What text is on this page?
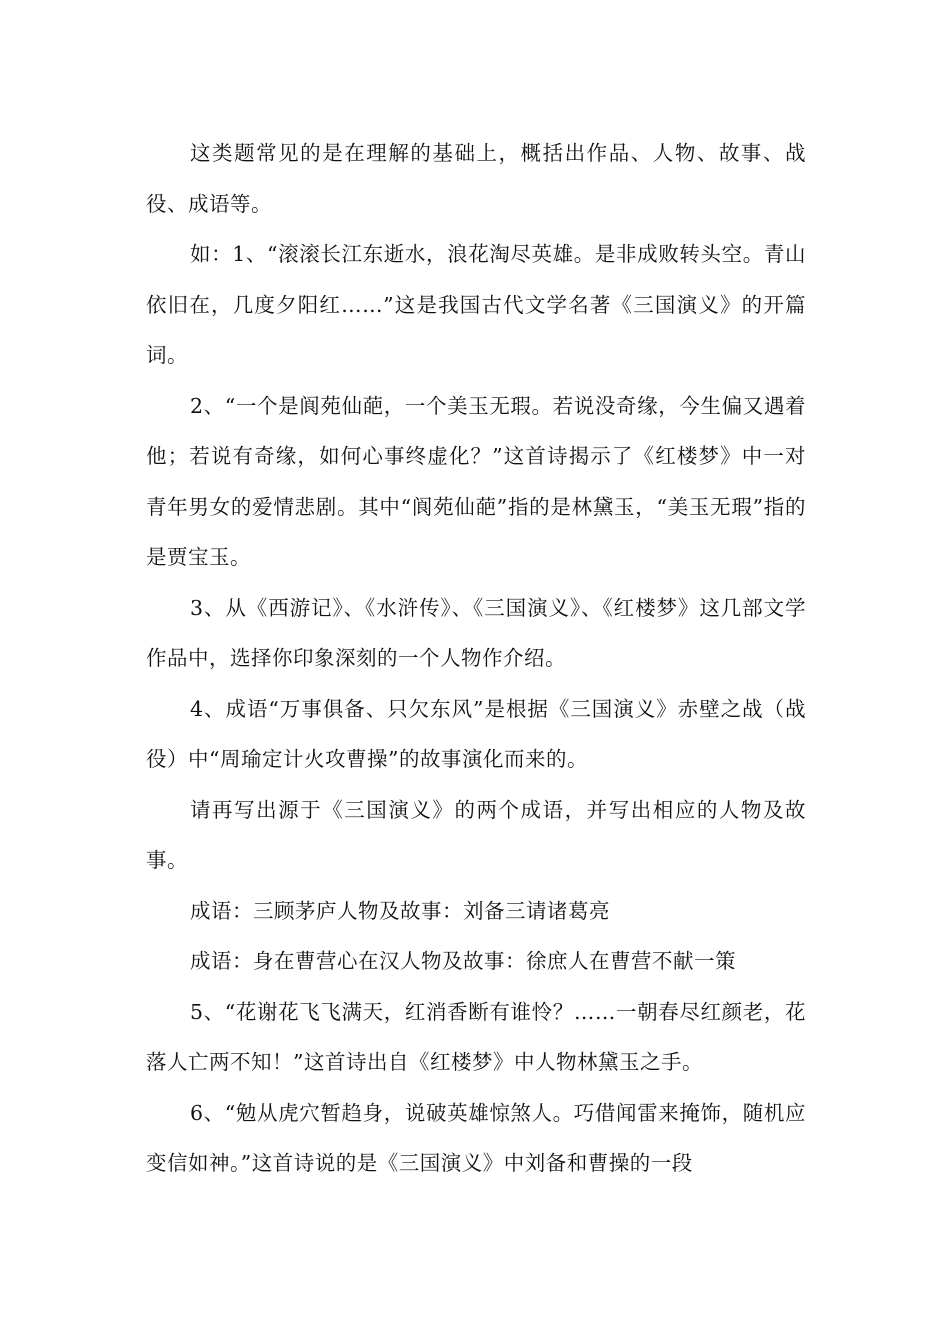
这类题常见的是在理解的基础上，概括出作品、人物、故事、战役、成语等。

如：1、“滚滚长江东逝水，浪花淘尽英雄。是非成败转头空。青山依旧在，几度夕阳红……”这是我国古代文学名著《三国演义》的开篇词。

2、“一个是阆苑仙葩，一个美玉无瑕。若说没奇缘，今生偏又遇着他；若说有奇缘，如何心事终虚化？”这首诗揭示了《红楼梦》中一对青年男女的爱情悲剧。其中“阆苑仙葩”指的是林黛玉，“美玉无瑕”指的是贾宝玉。

3、从《西游记》、《水浒传》、《三国演义》、《红楼梦》这几部文学作品中，选择你印象深刻的一个人物作介绍。

4、成语“万事俱备、只欠东风”是根据《三国演义》赤壁之战（战役）中“周瑜定计火攻曹操”的故事演化而来的。

请再写出源于《三国演义》的两个成语，并写出相应的人物及故事。

成语：三顾茅庐人物及故事：刘备三请诸葛亮

成语：身在曹营心在汉人物及故事：徐庶人在曹营不献一策

5、“花谢花飞飞满天，红消香断有谁怜？……一朝春尽红颜老，花落人亡两不知！”这首诗出自《红楼梦》中人物林黛玉之手。

6、“勉从虎穴暂趋身，说破英雄惊煞人。巧借闻雷来掩饰，随机应变信如神。”这首诗说的是《三国演义》中刘备和曹操的一段
